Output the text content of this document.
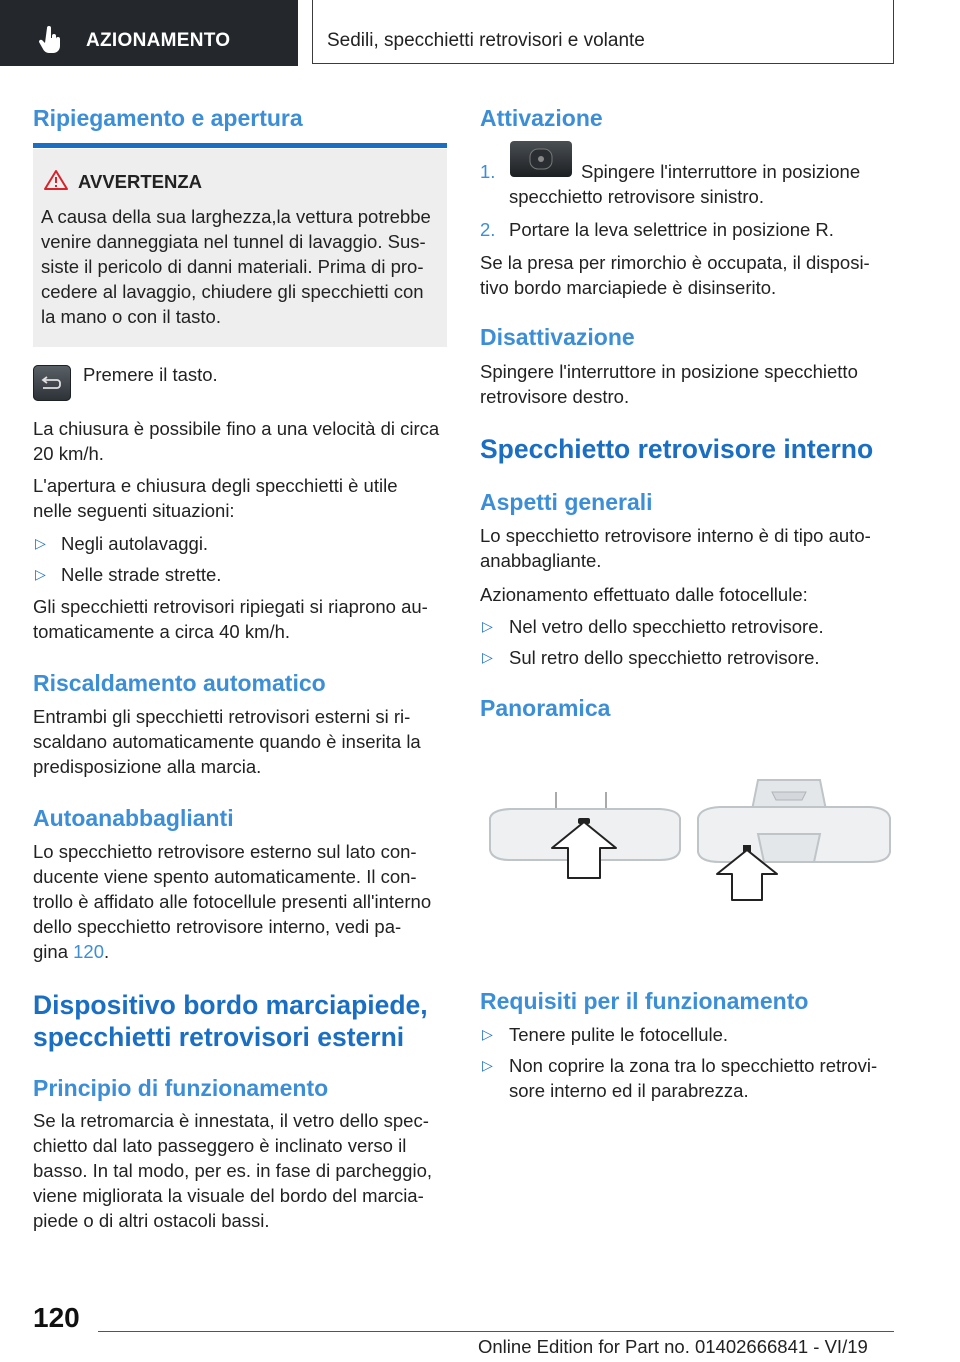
AZIONAMENTO	Sedili, specchietti retrovisori e volante
Ripiegamento e apertura
AVVERTENZA

A causa della sua larghezza,la vettura potrebbe

venire danneggiata nel tunnel di lavaggio. Sus-

siste il pericolo di danni materiali. Prima di pro-

cedere al lavaggio, chiudere gli specchietti con

la mano o con il tasto.

Premere il tasto.

La chiusura è possibile fino a una velocità di circa

20 km/h.

L'apertura e chiusura degli specchietti è utile

nelle seguenti situazioni:

▷ Negli autolavaggi.

▷ Nelle strade strette.

Gli specchietti retrovisori ripiegati si riaprono au-

tomaticamente a circa 40 km/h.

Riscaldamento automatico

Entrambi gli specchietti retrovisori esterni si ri-

scaldano automaticamente quando è inserita la

predisposizione alla marcia.

Autoanabbaglianti

Lo specchietto retrovisore esterno sul lato con-

ducente viene spento automaticamente. Il con-

trollo è affidato alle fotocellule presenti all'interno

dello specchietto retrovisore interno, vedi pa-

gina 120.

Dispositivo bordo marciapiede,
specchietti retrovisori esterni
Principio di funzionamento

Se la retromarcia è innestata, il vetro dello spec-

chietto dal lato passeggero è inclinato verso il

basso. In tal modo, per es. in fase di parcheggio,

viene migliorata la visuale del bordo del marcia-

piede o di altri ostacoli bassi.

Attivazione

1.	Spingere l'interruttore in posizione

specchietto retrovisore sinistro.

2. Portare la leva selettrice in posizione R.

Se la presa per rimorchio è occupata, il disposi-

tivo bordo marciapiede è disinserito.

Disattivazione

Spingere l'interruttore in posizione specchietto

retrovisore destro.

Specchietto retrovisore interno
Aspetti generali

Lo specchietto retrovisore interno è di tipo auto-

anabbagliante.

Azionamento effettuato dalle fotocellule:

▷ Nel vetro dello specchietto retrovisore.

▷ Sul retro dello specchietto retrovisore.

Panoramica
Requisiti per il funzionamento
▷ Tenere pulite le fotocellule.

▷ Non coprire la zona tra lo specchietto retrovi-

sore interno ed il parabrezza.

120
Online Edition for Part no. 01402666841 - VI/19
